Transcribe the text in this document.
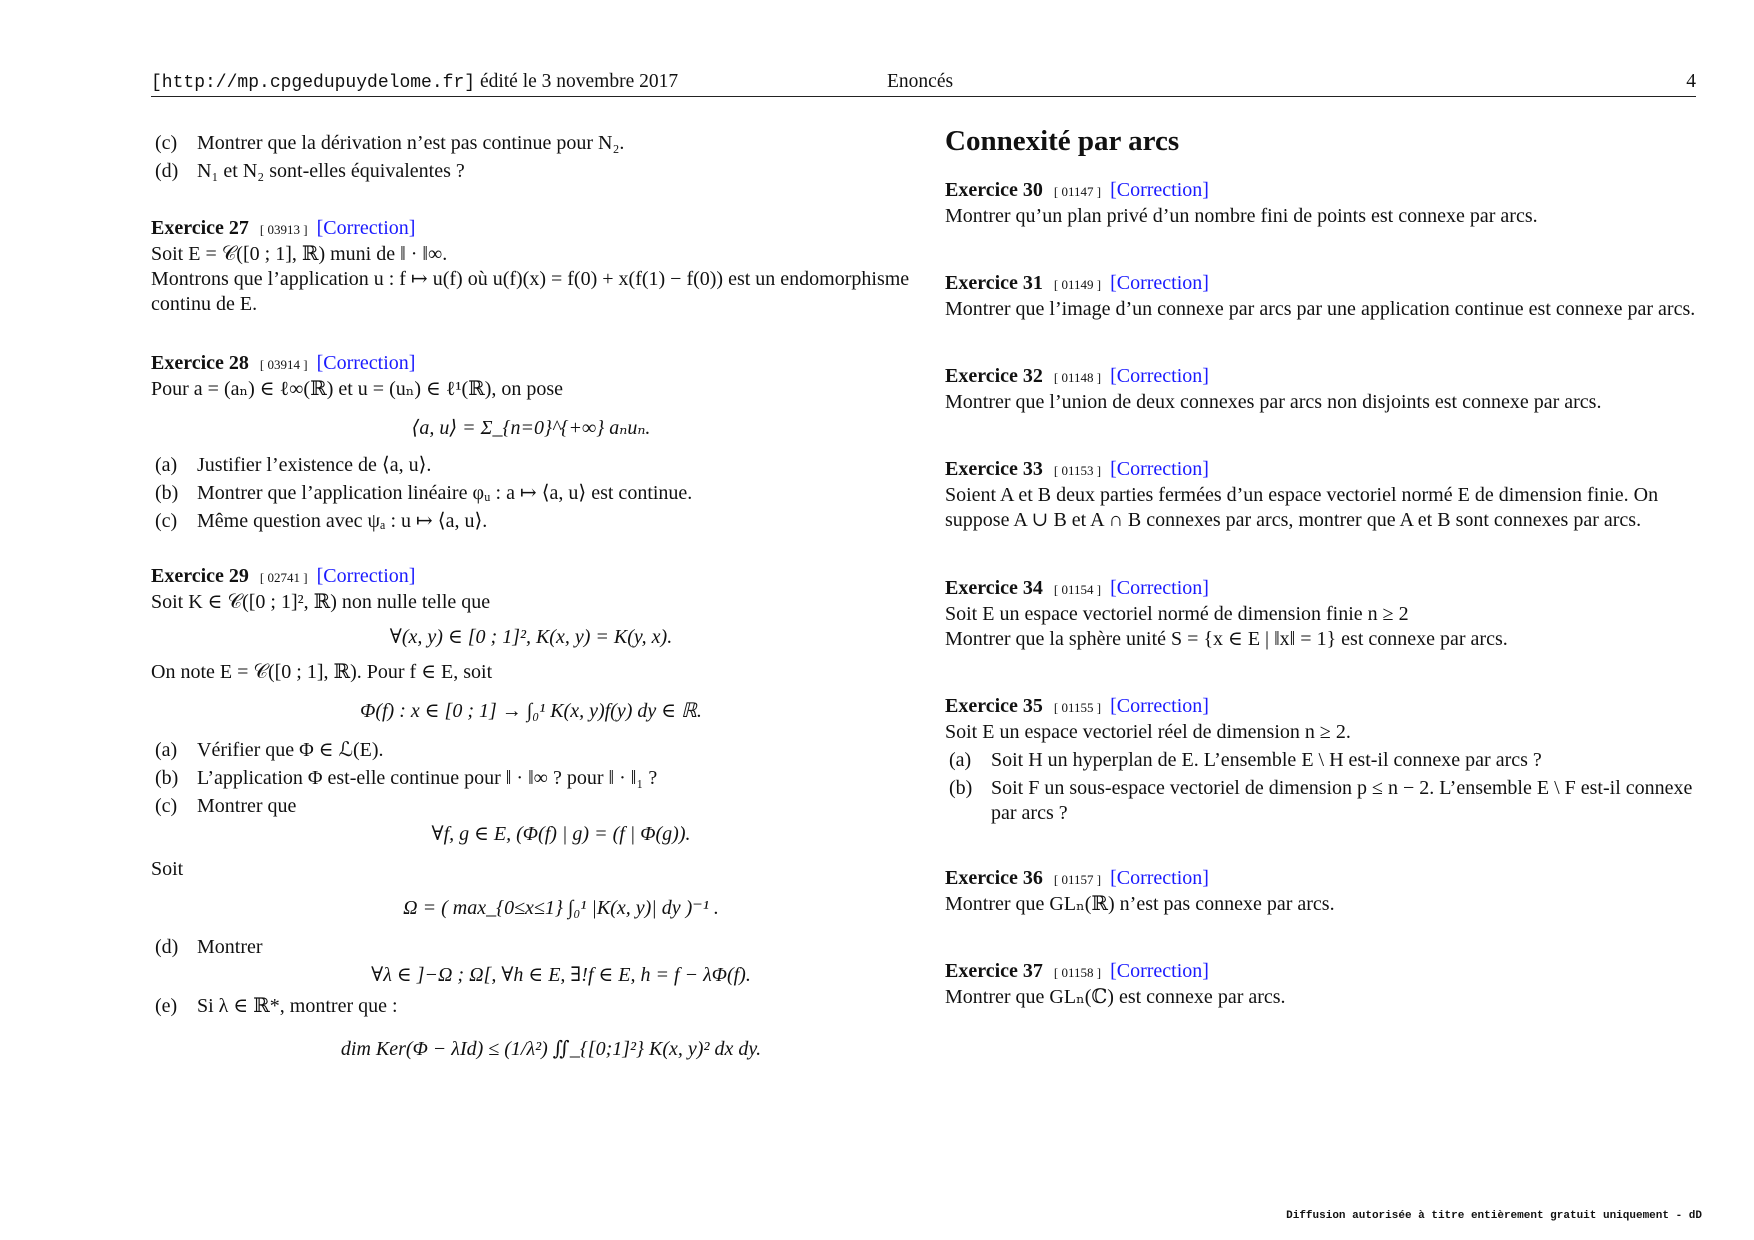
[http://mp.cpgedupuydelome.fr] édité le 3 novembre 2017	Enoncés	4
(c) Montrer que la dérivation n’est pas continue pour N₂.
(d) N₁ et N₂ sont-elles équivalentes ?
Exercice 27 [ 03913 ] [Correction]

Soit E = 𝒞([0 ; 1], ℝ) muni de ‖ · ‖∞.

Montrons que l’application u : f ↦ u(f) où u(f)(x) = f(0) + x(f(1) − f(0)) est un endomorphisme continu de E.

Exercice 28 [ 03914 ] [Correction]

Pour a = (aₙ) ∈ ℓ∞(ℝ) et u = (uₙ) ∈ ℓ¹(ℝ), on pose

⟨a, u⟩ = Σ_{n=0}^{+∞} aₙuₙ.
(a) Justifier l’existence de ⟨a, u⟩.
(b) Montrer que l’application linéaire φᵤ : a ↦ ⟨a, u⟩ est continue.
(c) Même question avec ψₐ : u ↦ ⟨a, u⟩.
Exercice 29 [ 02741 ] [Correction]

Soit K ∈ 𝒞([0 ; 1]², ℝ) non nulle telle que

∀(x, y) ∈ [0 ; 1]², K(x, y) = K(y, x).

On note E = 𝒞([0 ; 1], ℝ). Pour f ∈ E, soit

Φ(f) : x ∈ [0 ; 1] → ∫₀¹ K(x, y)f(y) dy ∈ ℝ.
(a) Vérifier que Φ ∈ ℒ(E).
(b) L’application Φ est-elle continue pour ‖ · ‖∞ ? pour ‖ · ‖₁ ?
(c) Montrer que
∀f, g ∈ E, (Φ(f) | g) = (f | Φ(g)).

Soit

Ω = ( max_{0≤x≤1} ∫₀¹ |K(x, y)| dy )⁻¹ .
(d) Montrer
∀λ ∈ ]−Ω ; Ω[, ∀h ∈ E, ∃!f ∈ E, h = f − λΦ(f).
(e) Si λ ∈ ℝ*, montrer que :
dim Ker(Φ − λId) ≤ (1/λ²) ∬_{[0;1]²} K(x, y)² dx dy.
Connexité par arcs
Exercice 30 [ 01147 ] [Correction]

Montrer qu’un plan privé d’un nombre fini de points est connexe par arcs.

Exercice 31 [ 01149 ] [Correction]

Montrer que l’image d’un connexe par arcs par une application continue est connexe par arcs.

Exercice 32 [ 01148 ] [Correction]

Montrer que l’union de deux connexes par arcs non disjoints est connexe par arcs.

Exercice 33 [ 01153 ] [Correction]

Soient A et B deux parties fermées d’un espace vectoriel normé E de dimension finie. On suppose A ∪ B et A ∩ B connexes par arcs, montrer que A et B sont connexes par arcs.

Exercice 34 [ 01154 ] [Correction]

Soit E un espace vectoriel normé de dimension finie n ≥ 2

Montrer que la sphère unité S = {x ∈ E | ‖x‖ = 1} est connexe par arcs.

Exercice 35 [ 01155 ] [Correction]

Soit E un espace vectoriel réel de dimension n ≥ 2.

(a) Soit H un hyperplan de E. L’ensemble E \ H est-il connexe par arcs ?
(b) Soit F un sous-espace vectoriel de dimension p ≤ n − 2. L’ensemble E \ F est-il connexe par arcs ?
Exercice 36 [ 01157 ] [Correction]

Montrer que GLₙ(ℝ) n’est pas connexe par arcs.

Exercice 37 [ 01158 ] [Correction]

Montrer que GLₙ(ℂ) est connexe par arcs.

Diffusion autorisée à titre entièrement gratuit uniquement - dD
